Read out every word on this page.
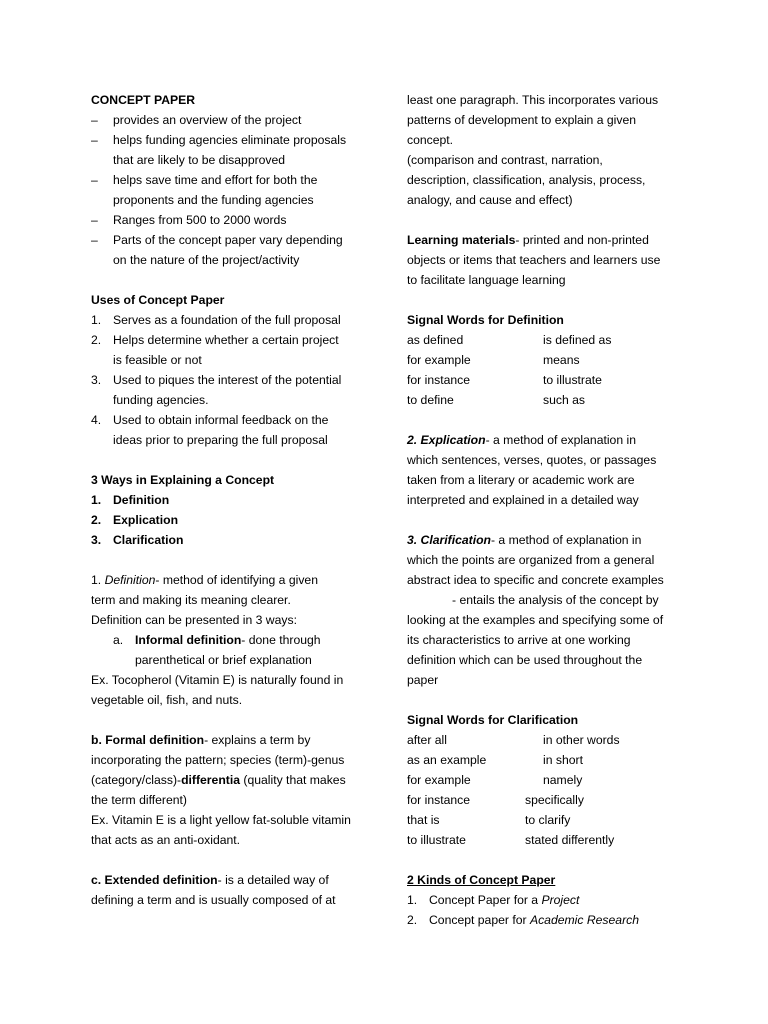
CONCEPT PAPER
– provides an overview of the project
– helps funding agencies eliminate proposals
that are likely to be disapproved
– helps save time and effort for both the
proponents and the funding agencies
– Ranges from 500 to 2000 words
– Parts of the concept paper vary depending
on the nature of the project/activity
Uses of Concept Paper
1. Serves as a foundation of the full proposal
2. Helps determine whether a certain project
is feasible or not
3. Used to piques the interest of the potential
funding agencies.
4. Used to obtain informal feedback on the
ideas prior to preparing the full proposal
3 Ways in Explaining a Concept
1. Definition
2. Explication
3. Clarification
1. Definition- method of identifying a given
term and making its meaning clearer.
Definition can be presented in 3 ways:
a. Informal definition- done through
parenthetical or brief explanation
Ex. Tocopherol (Vitamin E) is naturally found in
vegetable oil, fish, and nuts.
b. Formal definition- explains a term by
incorporating the pattern; species (term)-genus
(category/class)-differentia (quality that makes
the term different)
Ex. Vitamin E is a light yellow fat-soluble vitamin
that acts as an anti-oxidant.
c. Extended definition- is a detailed way of
defining a term and is usually composed of at
least one paragraph. This incorporates various
patterns of development to explain a given
concept.
(comparison and contrast, narration,
description, classification, analysis, process,
analogy, and cause and effect)
Learning materials- printed and non-printed
objects or items that teachers and learners use
to facilitate language learning
Signal Words for Definition
as defined	is defined as
for example	means
for instance	to illustrate
to define	such as
2. Explication- a method of explanation in
which sentences, verses, quotes, or passages
taken from a literary or academic work are
interpreted and explained in a detailed way
3. Clarification- a method of explanation in
which the points are organized from a general
abstract idea to specific and concrete examples
- entails the analysis of the concept by
looking at the examples and specifying some of
its characteristics to arrive at one working
definition which can be used throughout the
paper
Signal Words for Clarification
after all	in other words
as an example	in short
for example	namely
for instance	specifically
that is	to clarify
to illustrate	stated differently
2 Kinds of Concept Paper
1. Concept Paper for a Project
2. Concept paper for Academic Research
